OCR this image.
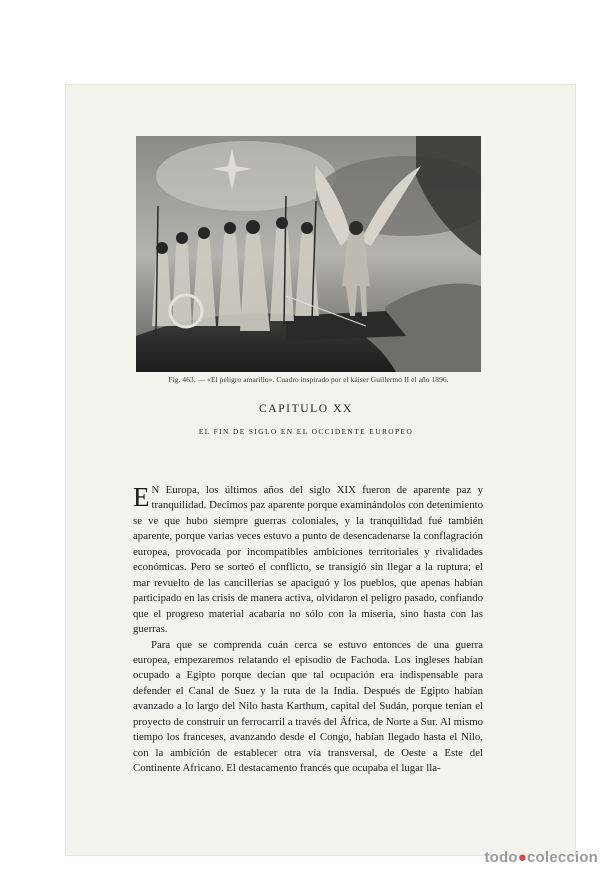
Fig. 463. — «El peligro amarillo». Cuadro inspirado por el káiser Guillermo II el año 1896.
CAPITULO XX
EL FIN DE SIGLO EN EL OCCIDENTE EUROPEO

E N Europa, los últimos años del siglo XIX fueron de aparente paz y tranquilidad. Decimos paz aparente porque examinándolos con detenimiento se ve que hubo siempre guerras coloniales, y la tranquilidad fué también aparente, porque varias veces estuvo a punto de desencadenarse la conflagración europea, provocada por incompatibles ambiciones territoriales y rivalidades económicas. Pero se sorteó el conflicto, se transigió sin llegar a la ruptura; el mar revuelto de las cancillerías se apaciguó y los pueblos, que apenas habían participado en las crisis de manera activa, olvidaron el peligro pasado, confiando que el progreso material acabaría no sólo con la miseria, sino hasta con las guerras.

Para que se comprenda cuán cerca se estuvo entonces de una guerra europea, empezaremos relatando el episodio de Fachoda. Los ingleses habían ocupado a Egipto porque decían que tal ocupación era indispensable para defender el Canal de Suez y la ruta de la India. Después de Egipto habían avanzado a lo largo del Nilo hasta Karthum, capital del Sudán, porque tenían el proyecto de construir un ferrocarril a través del África, de Norte a Sur. Al mismo tiempo los franceses, avanzando desde el Congo, habían llegado hasta el Nilo, con la ambición de establecer otra vía transversal, de Oeste a Este del Continente Africano. El destacamento francés que ocupaba el lugar lla-

todo●coleccion
